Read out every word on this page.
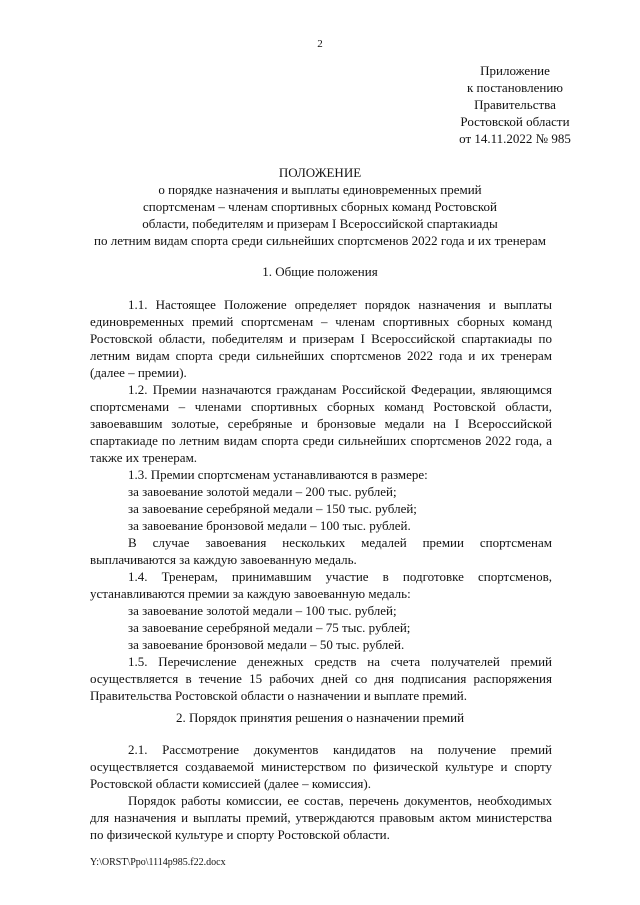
2
Приложение
к постановлению
Правительства
Ростовской области
от 14.11.2022 № 985
ПОЛОЖЕНИЕ
о порядке назначения и выплаты единовременных премий
спортсменам – членам спортивных сборных команд Ростовской
области, победителям и призерам I Всероссийской спартакиады
по летним видам спорта среди сильнейших спортсменов 2022 года и их тренерам
1. Общие положения

1.1. Настоящее Положение определяет порядок назначения и выплаты единовременных премий спортсменам – членам спортивных сборных команд Ростовской области, победителям и призерам I Всероссийской спартакиады по летним видам спорта среди сильнейших спортсменов 2022 года и их тренерам (далее – премии).

1.2. Премии назначаются гражданам Российской Федерации, являющимся спортсменами – членами спортивных сборных команд Ростовской области, завоевавшим золотые, серебряные и бронзовые медали на I Всероссийской спартакиаде по летним видам спорта среди сильнейших спортсменов 2022 года, а также их тренерам.

1.3. Премии спортсменам устанавливаются в размере:

за завоевание золотой медали – 200 тыс. рублей;

за завоевание серебряной медали – 150 тыс. рублей;

за завоевание бронзовой медали – 100 тыс. рублей.

В случае завоевания нескольких медалей премии спортсменам выплачиваются за каждую завоеванную медаль.

1.4. Тренерам, принимавшим участие в подготовке спортсменов, устанавливаются премии за каждую завоеванную медаль:

за завоевание золотой медали – 100 тыс. рублей;

за завоевание серебряной медали – 75 тыс. рублей;

за завоевание бронзовой медали – 50 тыс. рублей.

1.5. Перечисление денежных средств на счета получателей премий осуществляется в течение 15 рабочих дней со дня подписания распоряжения Правительства Ростовской области о назначении и выплате премий.

2. Порядок принятия решения о назначении премий

2.1. Рассмотрение документов кандидатов на получение премий осуществляется создаваемой министерством по физической культуре и спорту Ростовской области комиссией (далее – комиссия).

Порядок работы комиссии, ее состав, перечень документов, необходимых для назначения и выплаты премий, утверждаются правовым актом министерства по физической культуре и спорту Ростовской области.

Y:\ORST\Ppo\1114p985.f22.docx
